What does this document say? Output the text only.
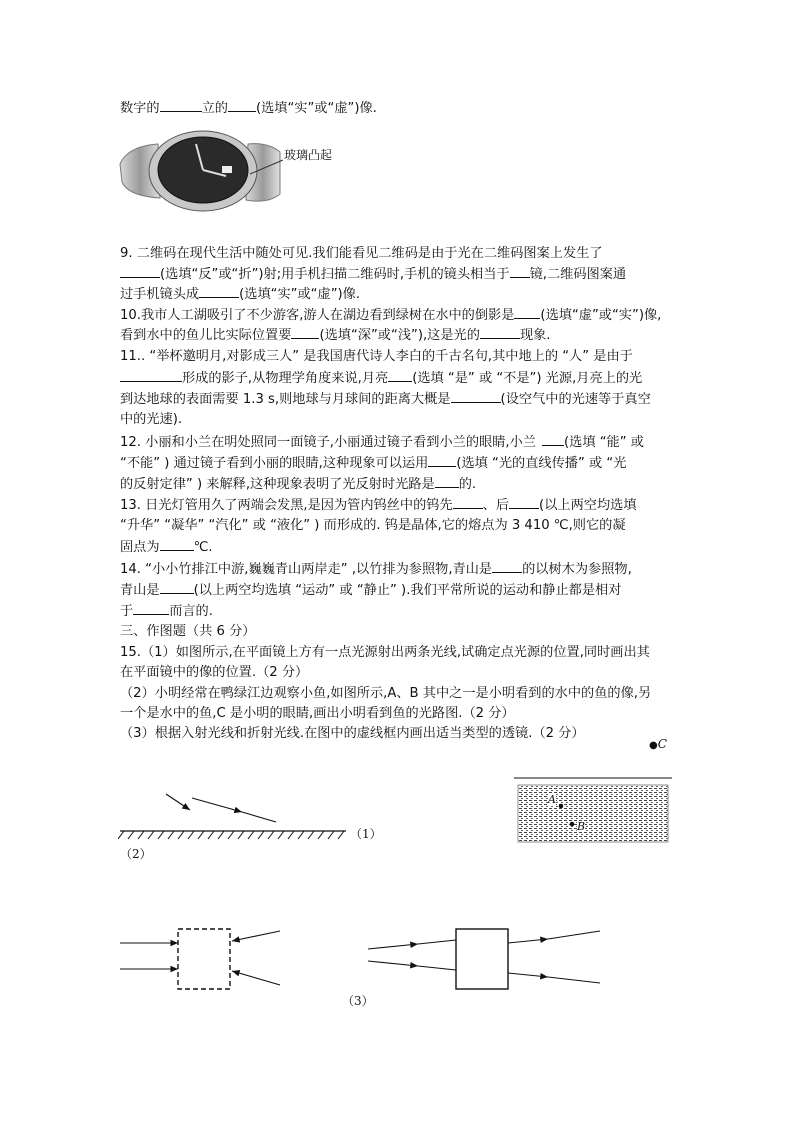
数字的	立的 (选填“实”或“虚”)像.
玻璃凸起
9. 二维码在现代生活中随处可见.我们能看见二维码是由于光在二维码图案上发生了
(选填“反”或“折”)射;用手机扫描二维码时,手机的镜头相当于 镜,二维码图案通
过手机镜头成	(选填“实”或“虚”)像.
10.我市人工湖吸引了不少游客,游人在湖边看到绿树在水中的倒影是 (选填“虚”或“实”)像,
看到水中的鱼儿比实际位置要 (选填“深”或“浅”),这是光的	现象.
11.. “举杯邀明月,对影成三人” 是我国唐代诗人李白的千古名句,其中地上的 “人” 是由于
形成的影子,从物理学角度来说,月亮 (选填 “是” 或 “不是”) 光源,月亮上的光
到达地球的表面需要 1.3 s,则地球与月球间的距离大概是	(设空气中的光速等于真空
中的光速).
12. 小丽和小兰在明处照同一面镜子,小丽通过镜子看到小兰的眼睛,小兰 (选填 “能” 或
“不能” ) 通过镜子看到小丽的眼睛,这种现象可以运用 (选填 “光的直线传播” 或 “光
的反射定律” ) 来解释,这种现象表明了光反射时光路是 的.
13. 日光灯管用久了两端会发黑,是因为管内钨丝中的钨先 、后 (以上两空均选填
“升华” “凝华” “汽化” 或 “液化” ) 而形成的. 钨是晶体,它的熔点为 3 410 ℃,则它的凝
固点为	℃.
14. “小小竹排江中游,巍巍青山两岸走” ,以竹排为参照物,青山是 的以树木为参照物,
青山是	(以上两空均选填 “运动” 或 “静止” ).我们平常所说的运动和静止都是相对
于	而言的.
三、作图题（共 6 分）
15.（1）如图所示,在平面镜上方有一点光源射出两条光线,试确定点光源的位置,同时画出其
在平面镜中的像的位置.（2 分）
（2）小明经常在鸭绿江边观察小鱼,如图所示,A、B 其中之一是小明看到的水中的鱼的像,另
一个是水中的鱼,C 是小明的眼睛,画出小明看到鱼的光路图.（2 分）
（3）根据入射光线和折射光线.在图中的虚线框内画出适当类型的透镜.（2 分）
●C
（1）
（2）
A
B
（3）
